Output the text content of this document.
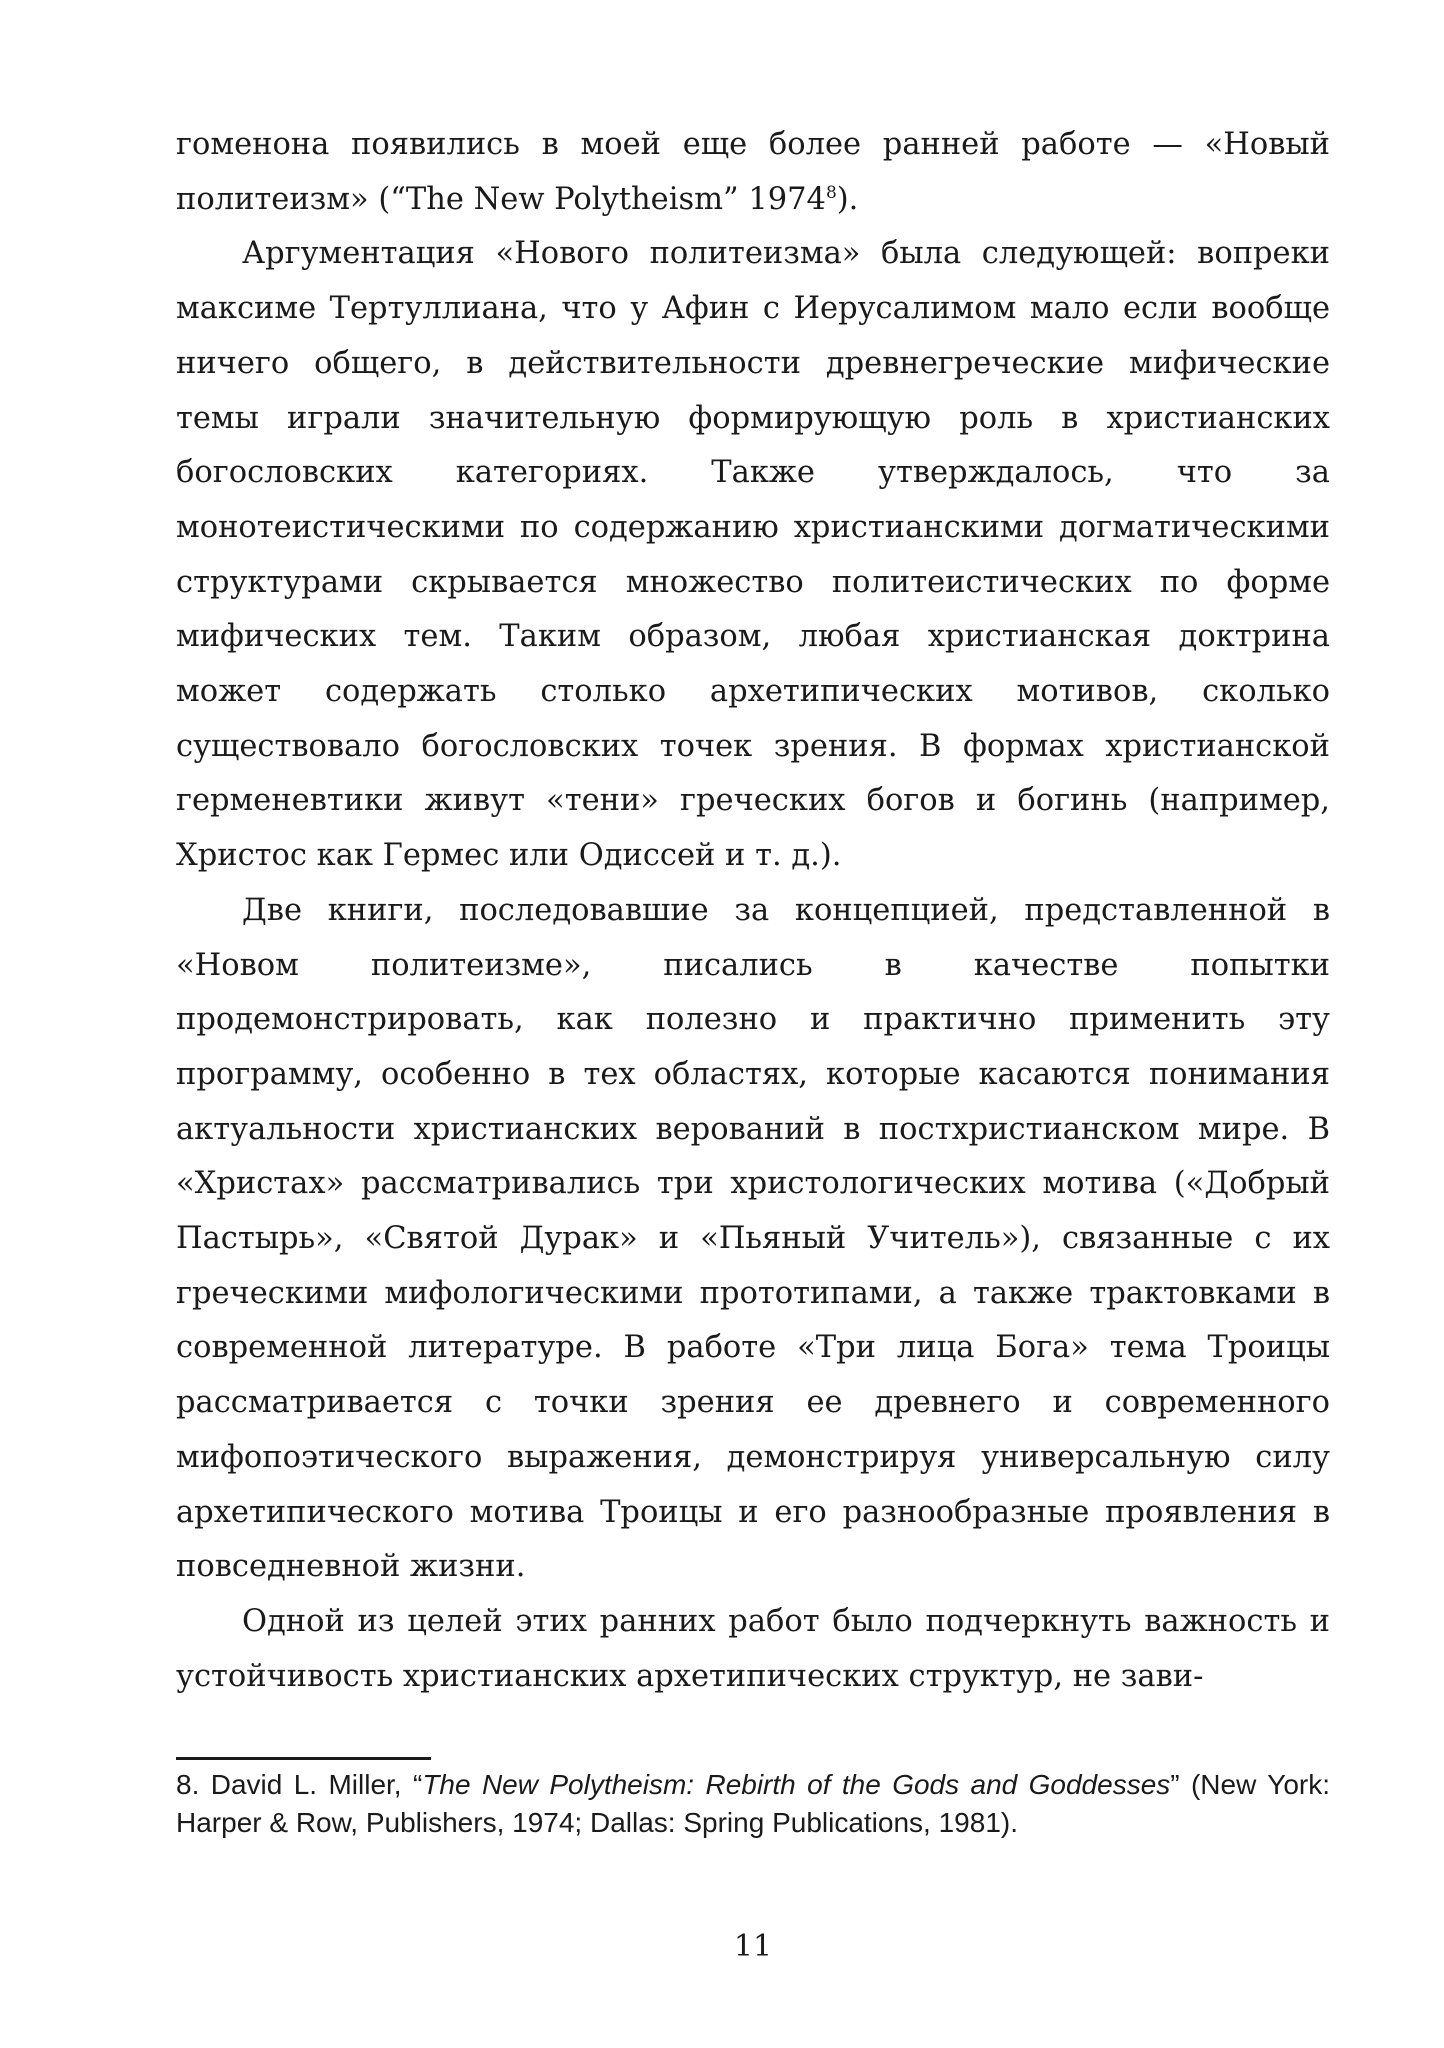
гоменона появились в моей еще более ранней работе — «Новый политеизм» (“The New Polytheism” 1974$^8$).

Аргументация «Нового политеизма» была следующей: вопреки максиме Тертуллиана, что у Афин с Иерусалимом мало если вообще ничего общего, в действительности древнегреческие мифические темы играли значительную формирующую роль в христианских богословских категориях. Также утверждалось, что за монотеистическими по содержанию христианскими догматическими структурами скрывается множество политеистических по форме мифических тем. Таким образом, любая христианская доктрина может содержать столько архетипических мотивов, сколько существовало богословских точек зрения. В формах христианской герменевтики живут «тени» греческих богов и богинь (например, Христос как Гермес или Одиссей и т. д.).

Две книги, последовавшие за концепцией, представленной в «Новом политеизме», писались в качестве попытки продемонстрировать, как полезно и практично применить эту программу, особенно в тех областях, которые касаются понимания актуальности христианских верований в постхристианском мире. В «Христах» рассматривались три христологических мотива («Добрый Пастырь», «Святой Дурак» и «Пьяный Учитель»), связанные с их греческими мифологическими прототипами, а также трактовками в современной литературе. В работе «Три лица Бога» тема Троицы рассматривается с точки зрения ее древнего и современного мифопоэтического выражения, демонстрируя универсальную силу архетипического мотива Троицы и его разнообразные проявления в повседневной жизни.

Одной из целей этих ранних работ было подчеркнуть важность и устойчивость христианских архетипических структур, не зави-

8. David L. Miller, “The New Polytheism: Rebirth of the Gods and Goddesses” (New York: Harper & Row, Publishers, 1974; Dallas: Spring Publications, 1981).

11
